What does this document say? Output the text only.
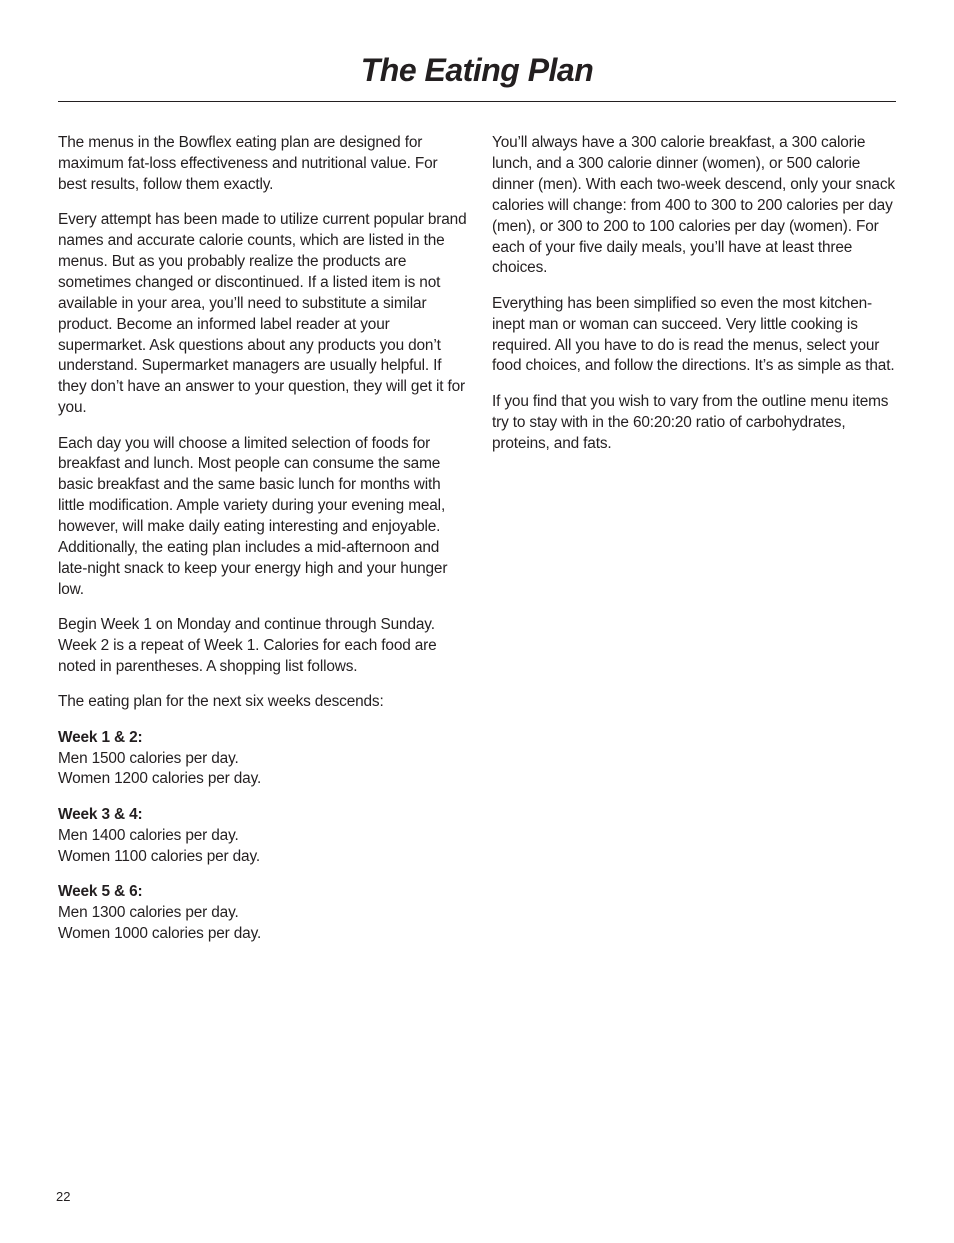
The Eating Plan

The menus in the Bowflex eating plan are designed for maximum fat-loss effectiveness and nutritional value. For best results, follow them exactly.

Every attempt has been made to utilize current popular brand names and accurate calorie counts, which are listed in the menus. But as you probably realize the products are sometimes changed or discontinued. If a listed item is not available in your area, you’ll need to substitute a similar product. Become an informed label reader at your supermarket. Ask questions about any products you don’t understand. Supermarket managers are usually helpful. If they don’t have an answer to your question, they will get it for you.

Each day you will choose a limited selection of foods for breakfast and lunch. Most people can consume the same basic breakfast and the same basic lunch for months with little modification. Ample variety during your evening meal, however, will make daily eating interesting and enjoyable. Additionally, the eating plan includes a mid-afternoon and late-night snack to keep your energy high and your hunger low.

Begin Week 1 on Monday and continue through Sunday. Week 2 is a repeat of Week 1. Calories for each food are noted in parentheses. A shopping list follows.

The eating plan for the next six weeks descends:

Week 1 & 2:
Men 1500 calories per day.
Women 1200 calories per day.
Week 3 & 4:
Men 1400 calories per day.
Women 1100 calories per day.
Week 5 & 6:
Men 1300 calories per day.
Women 1000 calories per day.

You’ll always have a 300 calorie breakfast, a 300 calorie lunch, and a 300 calorie dinner (women), or 500 calorie dinner (men). With each two-week descend, only your snack calories will change: from 400 to 300 to 200 calories per day (men), or 300 to 200 to 100 calories per day (women). For each of your five daily meals, you’ll have at least three choices.

Everything has been simplified so even the most kitchen-inept man or woman can succeed. Very little cooking is required. All you have to do is read the menus, select your food choices, and follow the directions. It’s as simple as that.

If you find that you wish to vary from the outline menu items try to stay with in the 60:20:20 ratio of carbohydrates, proteins, and fats.

22
